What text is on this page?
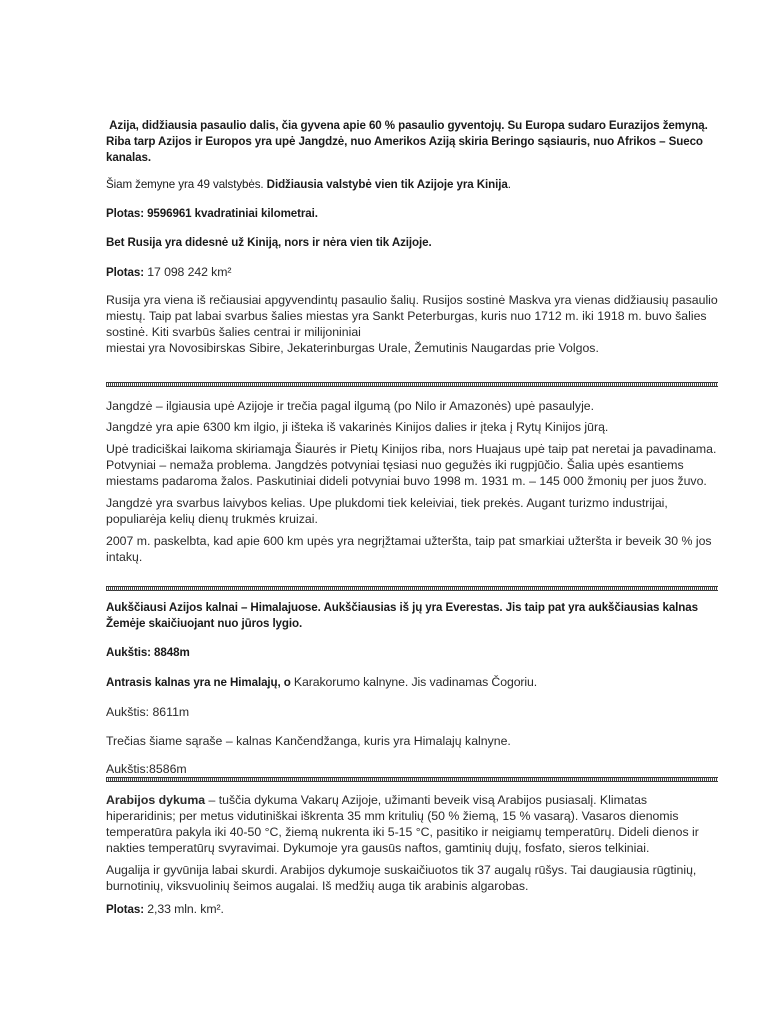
Azija, didžiausia pasaulio dalis, čia gyvena apie 60 % pasaulio gyventojų. Su Europa sudaro Eurazijos žemyną. Riba tarp Azijos ir Europos yra upė Jangdzė, nuo Amerikos Aziją skiria Beringo sąsiauris, nuo Afrikos – Sueco kanalas.

Šiam žemyne yra 49 valstybės. Didžiausia valstybė vien tik Azijoje yra Kinija.

Plotas: 9596961 kvadratiniai kilometrai.

Bet Rusija yra didesnė už Kiniją, nors ir nėra vien tik Azijoje.

Plotas: 17 098 242 km²

Rusija yra viena iš rečiausiai apgyvendintų pasaulio šalių. Rusijos sostinė Maskva yra vienas didžiausių pasaulio miestų. Taip pat labai svarbus šalies miestas yra Sankt Peterburgas, kuris nuo 1712 m. iki 1918 m. buvo šalies sostinė. Kiti svarbūs šalies centrai ir milijoniniai

miestai yra Novosibirskas Sibire, Jekaterinburgas Urale, Žemutinis Naugardas prie Volgos.

Jangdzė – ilgiausia upė Azijoje ir trečia pagal ilgumą (po Nilo ir Amazonės) upė pasaulyje.

Jangdzė yra apie 6300 km ilgio, ji išteka iš vakarinės Kinijos dalies ir įteka į Rytų Kinijos jūrą.

Upė tradiciškai laikoma skiriamąja Šiaurės ir Pietų Kinijos riba, nors Huajaus upė taip pat neretai ja pavadinama. Potvyniai – nemaža problema. Jangdzės potvyniai tęsiasi nuo gegužės iki rugpjūčio. Šalia upės esantiems miestams padaroma žalos. Paskutiniai dideli potvyniai buvo 1998 m. 1931 m. – 145 000 žmonių per juos žuvo.

Jangdzė yra svarbus laivybos kelias. Upe plukdomi tiek keleiviai, tiek prekės. Augant turizmo industrijai, populiarėja kelių dienų trukmės kruizai.

2007 m. paskelbta, kad apie 600 km upės yra negrįžtamai užteršta, taip pat smarkiai užteršta ir beveik 30 % jos intakų.

Aukščiausi Azijos kalnai – Himalajuose. Aukščiausias iš jų yra Everestas. Jis taip pat yra aukščiausias kalnas Žemėje skaičiuojant nuo jūros lygio.

Aukštis: 8848m

Antrasis kalnas yra ne Himalajų, o Karakorumo kalnyne. Jis vadinamas Čogoriu.

Aukštis: 8611m

Trečias šiame sąraše – kalnas Kančendžanga, kuris yra Himalajų kalnyne.

Aukštis:8586m

Arabijos dykuma – tuščia dykuma Vakarų Azijoje, užimanti beveik visą Arabijos pusiasalį. Klimatas hiperaridinis; per metus vidutiniškai iškrenta 35 mm kritulių (50 % žiemą, 15 % vasarą). Vasaros dienomis temperatūra pakyla iki 40-50 °C, žiemą nukrenta iki 5-15 °C, pasitiko ir neigiamų temperatūrų. Dideli dienos ir nakties temperatūrų svyravimai. Dykumoje yra gausūs naftos, gamtinių dujų, fosfato, sieros telkiniai.

Augalija ir gyvūnija labai skurdi. Arabijos dykumoje suskaičiuotos tik 37 augalų rūšys. Tai daugiausia rūgtinių, burnotinių, viksvuolinių šeimos augalai. Iš medžių auga tik arabinis algarobas.

Plotas: 2,33 mln. km².
